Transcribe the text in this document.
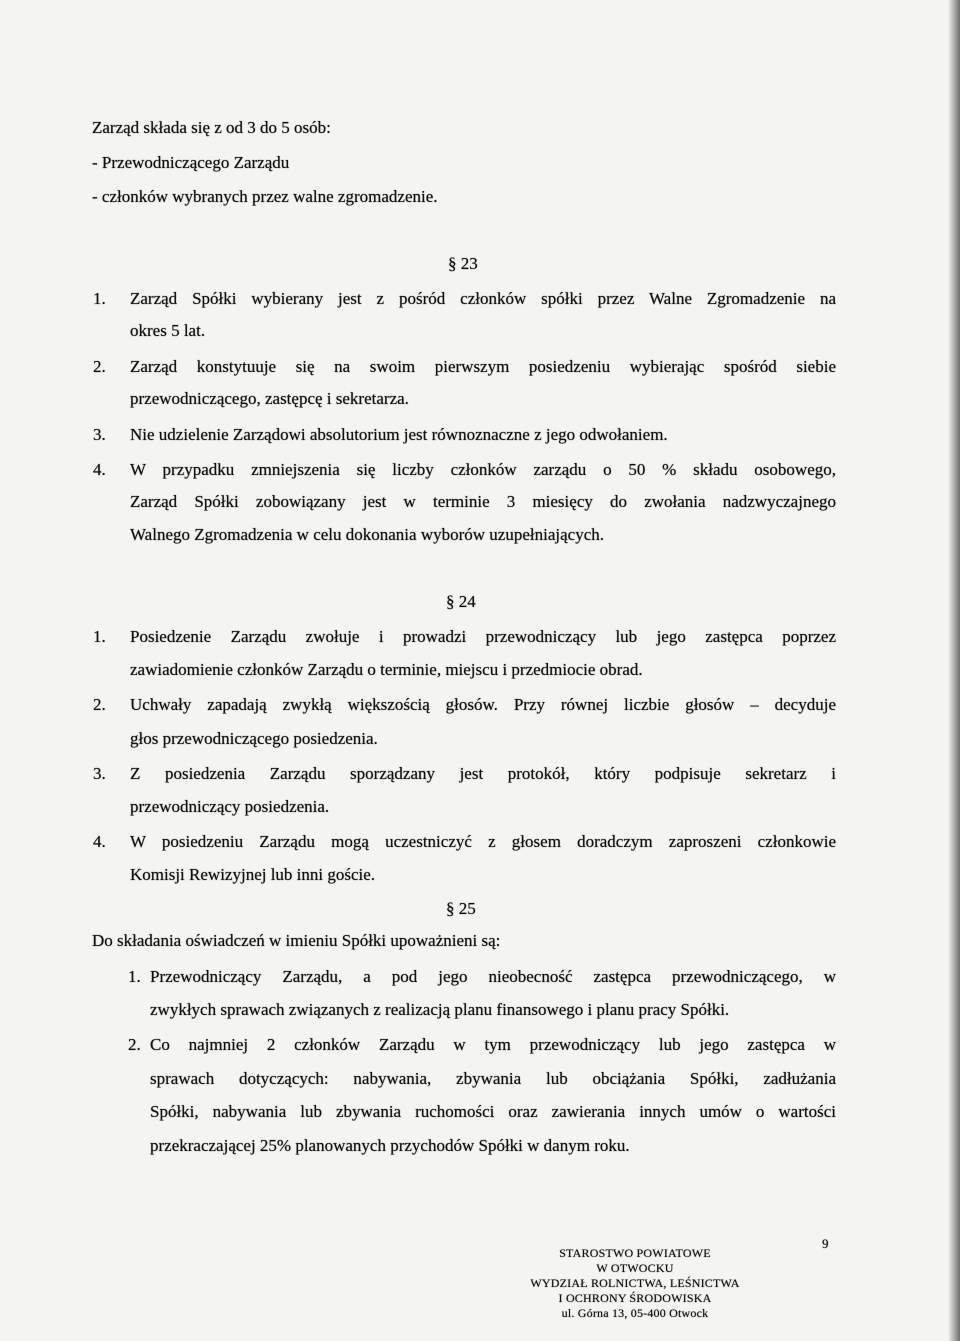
Zarząd składa się z od 3 do 5 osób:
- Przewodniczącego Zarządu
- członków wybranych przez walne zgromadzenie.
§ 23
1. Zarząd Spółki wybierany jest z pośród członków spółki przez Walne Zgromadzenie na
okres 5 lat.
2. Zarząd konstytuuje się na swoim pierwszym posiedzeniu wybierając spośród siebie
przewodniczącego, zastępcę i sekretarza.
3. Nie udzielenie Zarządowi absolutorium jest równoznaczne z jego odwołaniem.
4. W przypadku zmniejszenia się liczby członków zarządu o 50 % składu osobowego,
Zarząd Spółki zobowiązany jest w terminie 3 miesięcy do zwołania nadzwyczajnego
Walnego Zgromadzenia w celu dokonania wyborów uzupełniających.
§ 24
1. Posiedzenie Zarządu zwołuje i prowadzi przewodniczący lub jego zastępca poprzez
zawiadomienie członków Zarządu o terminie, miejscu i przedmiocie obrad.
2. Uchwały zapadają zwykłą większością głosów. Przy równej liczbie głosów – decyduje
głos przewodniczącego posiedzenia.
3. Z posiedzenia Zarządu sporządzany jest protokół, który podpisuje sekretarz i
przewodniczący posiedzenia.
4. W posiedzeniu Zarządu mogą uczestniczyć z głosem doradczym zaproszeni członkowie
Komisji Rewizyjnej lub inni goście.
§ 25
Do składania oświadczeń w imieniu Spółki upoważnieni są:
1. Przewodniczący Zarządu, a pod jego nieobecność zastępca przewodniczącego, w
zwykłych sprawach związanych z realizacją planu finansowego i planu pracy Spółki.
2. Co najmniej 2 członków Zarządu w tym przewodniczący lub jego zastępca w
sprawach dotyczących: nabywania, zbywania lub obciążania Spółki, zadłużania
Spółki, nabywania lub zbywania ruchomości oraz zawierania innych umów o wartości
przekraczającej 25% planowanych przychodów Spółki w danym roku.
STAROSTWO POWIATOWE
W OTWOCKU
WYDZIAŁ ROLNICTWA, LEŚNICTWA
I OCHRONY ŚRODOWISKA
ul. Górna 13, 05-400 Otwock
9
